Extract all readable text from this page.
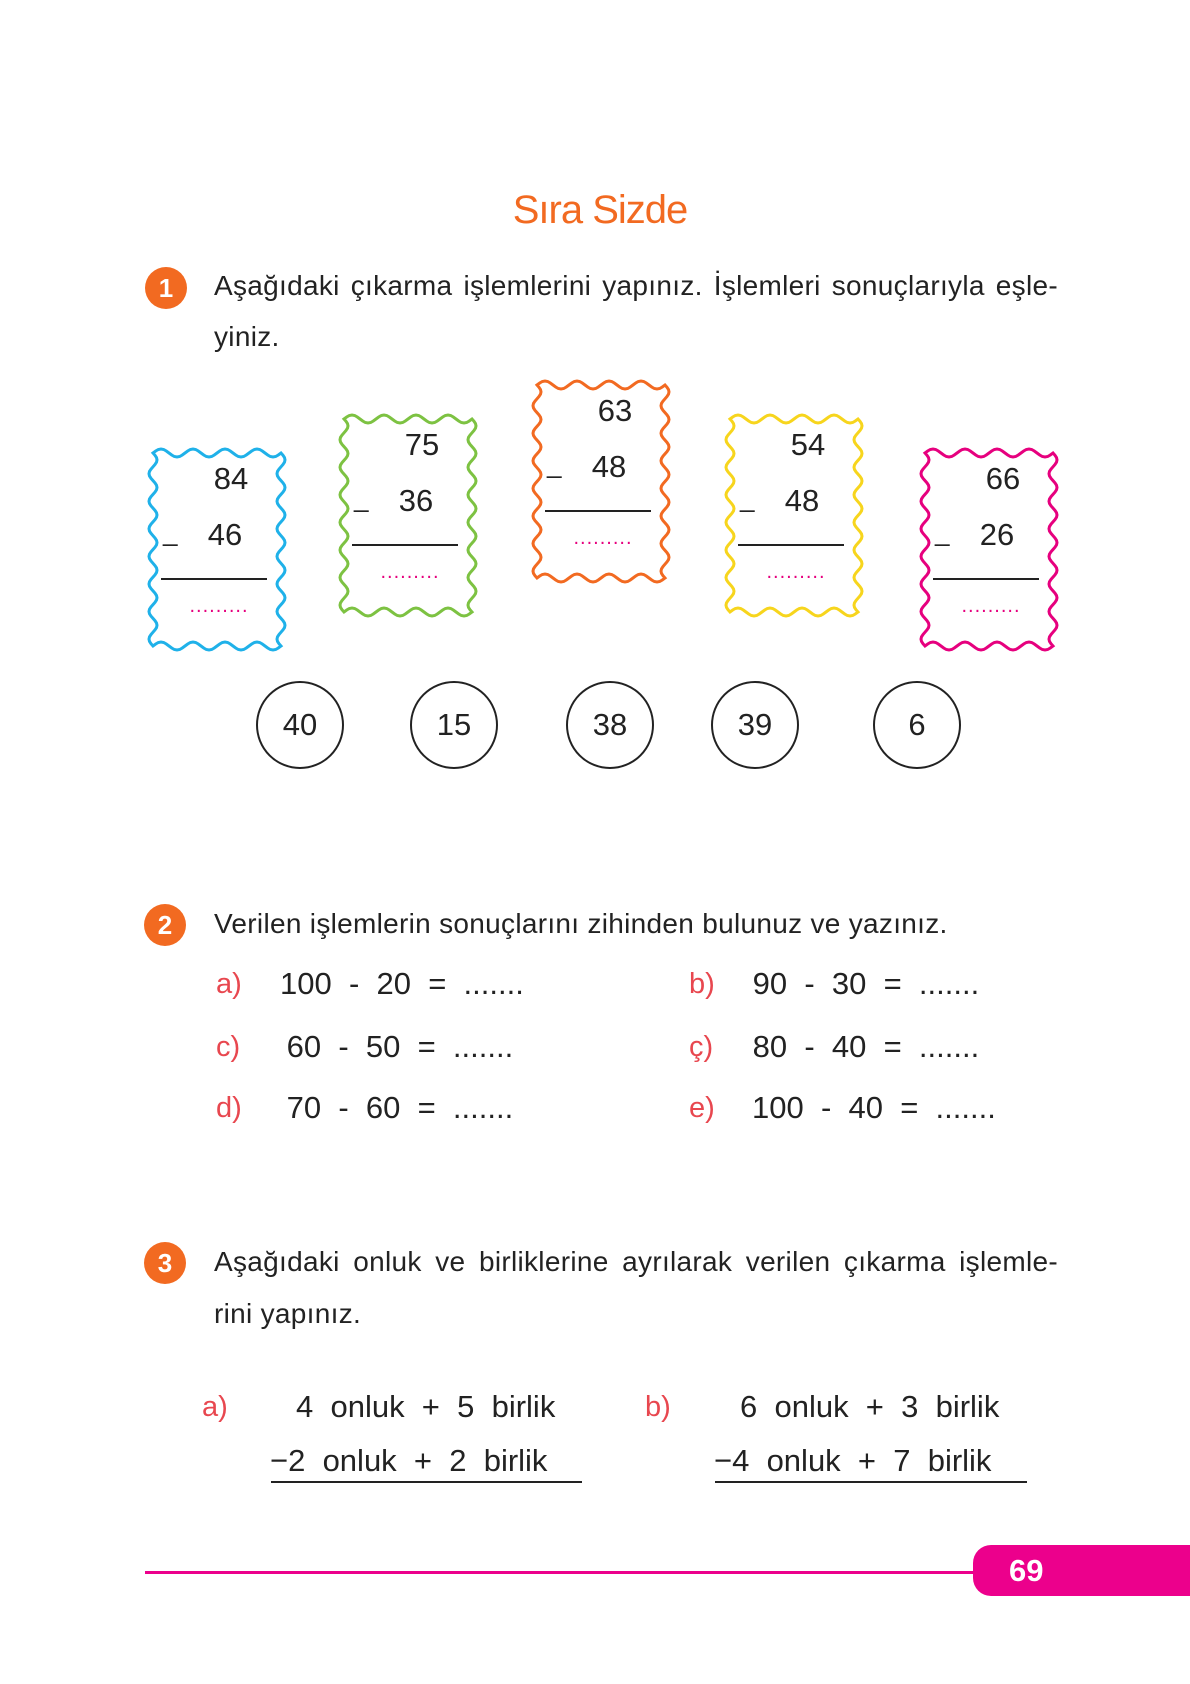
Sıra Sizde
1	Aşağıdaki çıkarma işlemlerini yapınız. İşlemleri sonuçlarıyla eşle-
yiniz.
84
46
_
.........
75
36
_
.........
63
48
_
.........
54
48
_
.........
66
26
_
.........
40	15	38	39	6
2	Verilen işlemlerin sonuçlarını zihinden bulunuz ve yazınız.
a) 100  -  20  =  .......	b) 90  -  30  =  .......
c) 60  -  50  =  .......	ç) 80  -  40  =  .......
d) 70  -  60  =  .......	e) 100  -  40  =  .......
3	Aşağıdaki onluk ve birliklerine ayrılarak verilen çıkarma işlemle-
rini yapınız.
a) 4  onluk  +  5  birlik
−2  onluk  +  2  birlik
b) 6  onluk  +  3  birlik
−4  onluk  +  7  birlik
69
